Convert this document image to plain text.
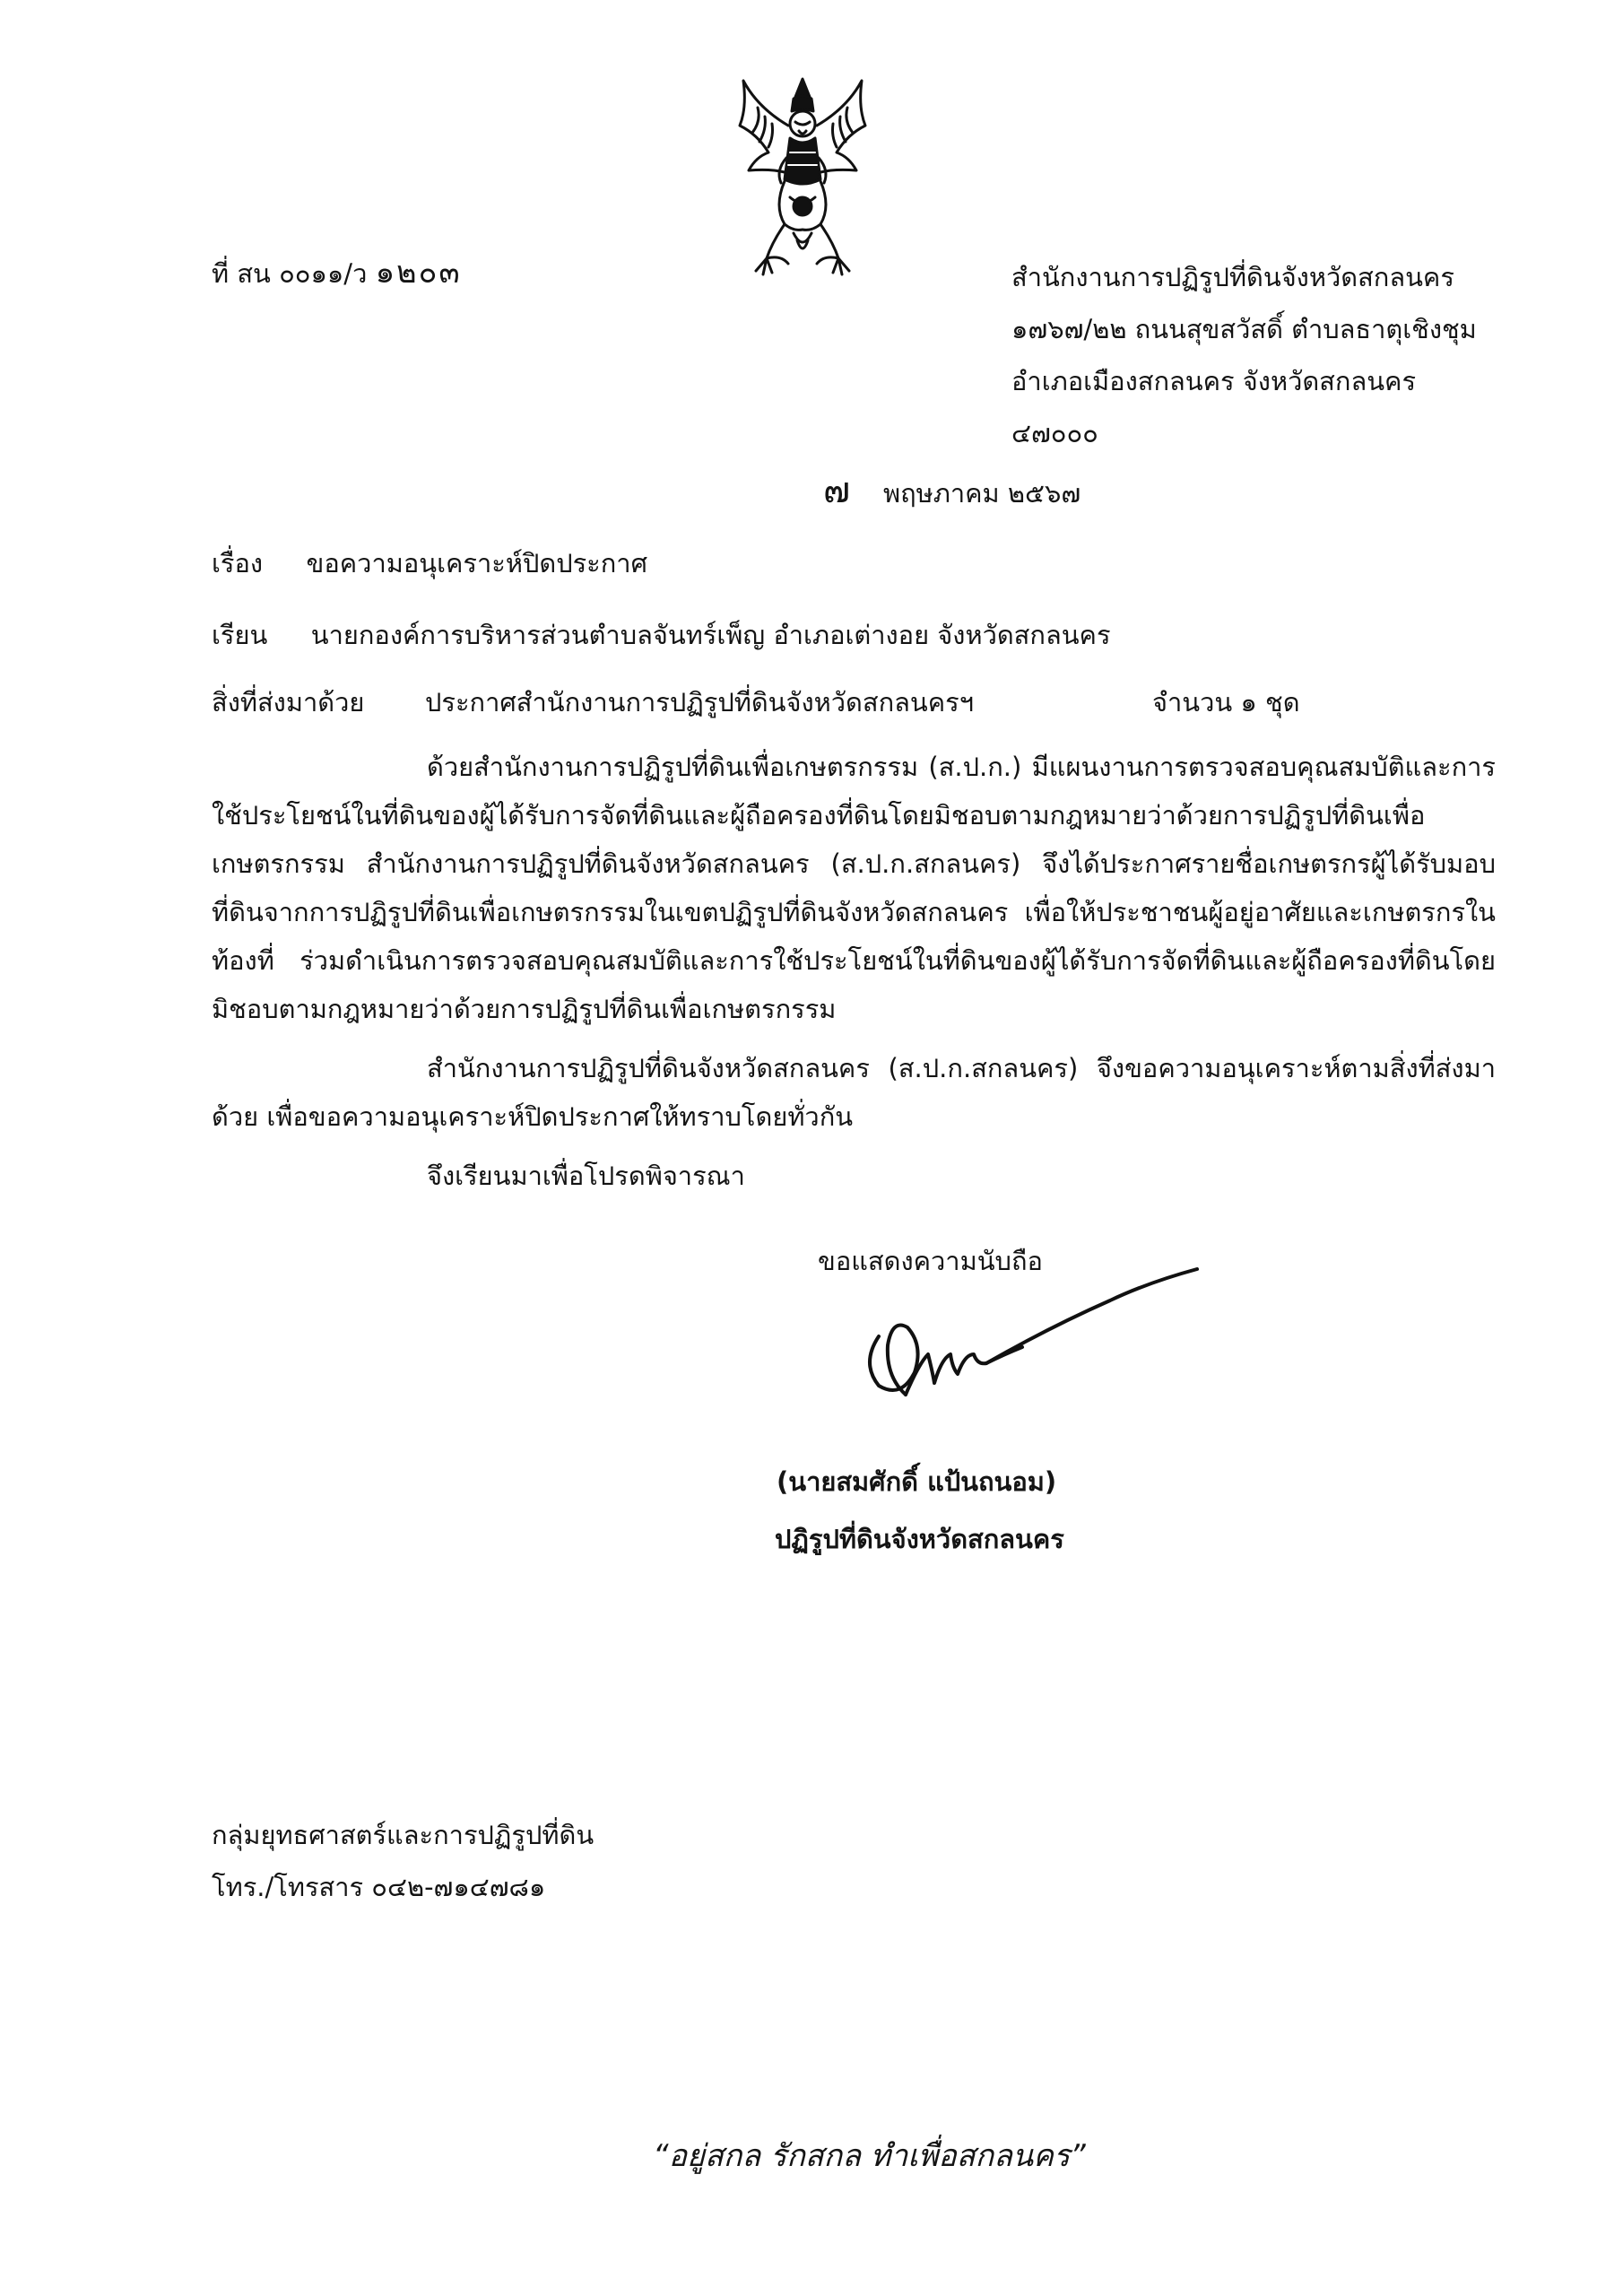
ที่ สน ๐๐๑๑/ว ๑๒๐๓	สำนักงานการปฏิรูปที่ดินจังหวัดสกลนคร
๑๗๖๗/๒๒ ถนนสุขสวัสดิ์ ตำบลธาตุเชิงชุม
อำเภอเมืองสกลนคร จังหวัดสกลนคร
๔๗๐๐๐
๗ พฤษภาคม ๒๕๖๗
เรื่อง ขอความอนุเคราะห์ปิดประกาศ
เรียน นายกองค์การบริหารส่วนตำบลจันทร์เพ็ญ อำเภอเต่างอย จังหวัดสกลนคร
สิ่งที่ส่งมาด้วย ประกาศสำนักงานการปฏิรูปที่ดินจังหวัดสกลนครฯ	จำนวน ๑ ชุด

ด้วยสำนักงานการปฏิรูปที่ดินเพื่อเกษตรกรรม (ส.ป.ก.) มีแผนงานการตรวจสอบคุณสมบัติและการใช้ประโยชน์ในที่ดินของผู้ได้รับการจัดที่ดินและผู้ถือครองที่ดินโดยมิชอบตามกฎหมายว่าด้วยการปฏิรูปที่ดินเพื่อเกษตรกรรม สำนักงานการปฏิรูปที่ดินจังหวัดสกลนคร (ส.ป.ก.สกลนคร) จึงได้ประกาศรายชื่อเกษตรกรผู้ได้รับมอบที่ดินจากการปฏิรูปที่ดินเพื่อเกษตรกรรมในเขตปฏิรูปที่ดินจังหวัดสกลนคร เพื่อให้ประชาชนผู้อยู่อาศัยและเกษตรกรในท้องที่ ร่วมดำเนินการตรวจสอบคุณสมบัติและการใช้ประโยชน์ในที่ดินของผู้ได้รับการจัดที่ดินและผู้ถือครองที่ดินโดยมิชอบตามกฎหมายว่าด้วยการปฏิรูปที่ดินเพื่อเกษตรกรรม

สำนักงานการปฏิรูปที่ดินจังหวัดสกลนคร (ส.ป.ก.สกลนคร) จึงขอความอนุเคราะห์ตามสิ่งที่ส่งมาด้วย เพื่อขอความอนุเคราะห์ปิดประกาศให้ทราบโดยทั่วกัน

จึงเรียนมาเพื่อโปรดพิจารณา

ขอแสดงความนับถือ
(นายสมศักดิ์ แป้นถนอม)
ปฏิรูปที่ดินจังหวัดสกลนคร
กลุ่มยุทธศาสตร์และการปฏิรูปที่ดิน
โทร./โทรสาร ๐๔๒-๗๑๔๗๘๑
“อยู่สกล รักสกล ทำเพื่อสกลนคร”
